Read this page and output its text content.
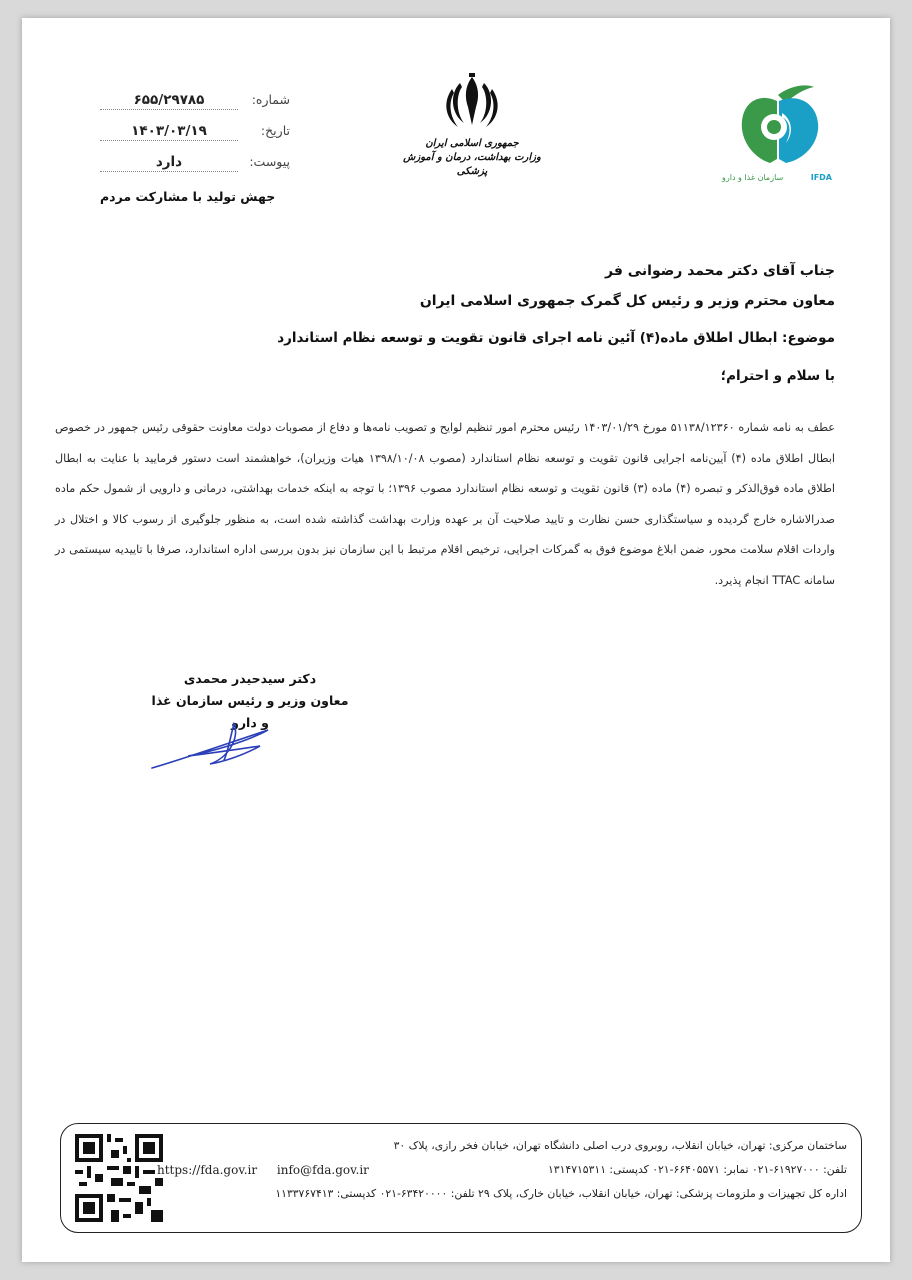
شماره:
۶۵۵/۲۹۷۸۵
تاریخ:
۱۴۰۳/۰۳/۱۹
پیوست:
دارد
جهش تولید با مشارکت مردم
جمهوری اسلامی ایران
وزارت بهداشت، درمان و آموزش پزشکی
IFDA
سازمان غذا و دارو
جناب آقای دکتر محمد رضوانی فر
معاون محترم وزیر و رئیس کل گمرک جمهوری اسلامی ایران
موضوع: ابطال اطلاق ماده(۴) آئین نامه اجرای قانون تقویت و توسعه نظام استاندارد
با سلام و احترام؛
عطف به نامه شماره ۵۱۱۳۸/۱۲۳۶۰ مورخ ۱۴۰۳/۰۱/۲۹ رئیس محترم امور تنظیم لوایح و تصویب نامه‌ها و دفاع از مصوبات دولت معاونت حقوقی رئیس جمهور در خصوص ابطال اطلاق ماده (۴) آیین‌نامه اجرایی قانون تقویت و توسعه نظام استاندارد (مصوب ۱۳۹۸/۱۰/۰۸ هیات وزیران)، خواهشمند است دستور فرمایید با عنایت به ابطال اطلاق ماده فوق‌الذکر و تبصره (۴) ماده (۳) قانون تقویت و توسعه نظام استاندارد مصوب ۱۳۹۶؛ با توجه به اینکه خدمات بهداشتی، درمانی و دارویی از شمول حکم ماده صدرالاشاره خارج گردیده و سیاستگذاری حسن نظارت و تایید صلاحیت آن بر عهده وزارت بهداشت گذاشته شده است، به منظور جلوگیری از رسوب کالا و اختلال در واردات اقلام سلامت محور، ضمن ابلاغ موضوع فوق به گمرکات اجرایی، ترخیص اقلام مرتبط با این سازمان نیز بدون بررسی اداره استاندارد، صرفا با تاییدیه سیستمی در سامانه TTAC انجام پذیرد.
دکتر سیدحیدر محمدی
معاون وزیر و رئیس سازمان غذا و دارو
ساختمان مرکزی: تهران، خیابان انقلاب، روبروی درب اصلی دانشگاه تهران، خیابان فخر رازی، پلاک ۳۰
تلفن: ۶۱۹۲۷۰۰۰-۰۲۱ نمابر: ۶۶۴۰۵۵۷۱-۰۲۱ کدپستی: ۱۳۱۴۷۱۵۳۱۱
https://fda.gov.ir info@fda.gov.ir
اداره کل تجهیزات و ملزومات پزشکی: تهران، خیابان انقلاب، خیابان خارک، پلاک ۲۹ تلفن: ۶۳۴۲۰۰۰۰-۰۲۱ کدپستی: ۱۱۳۳۷۶۷۴۱۳
